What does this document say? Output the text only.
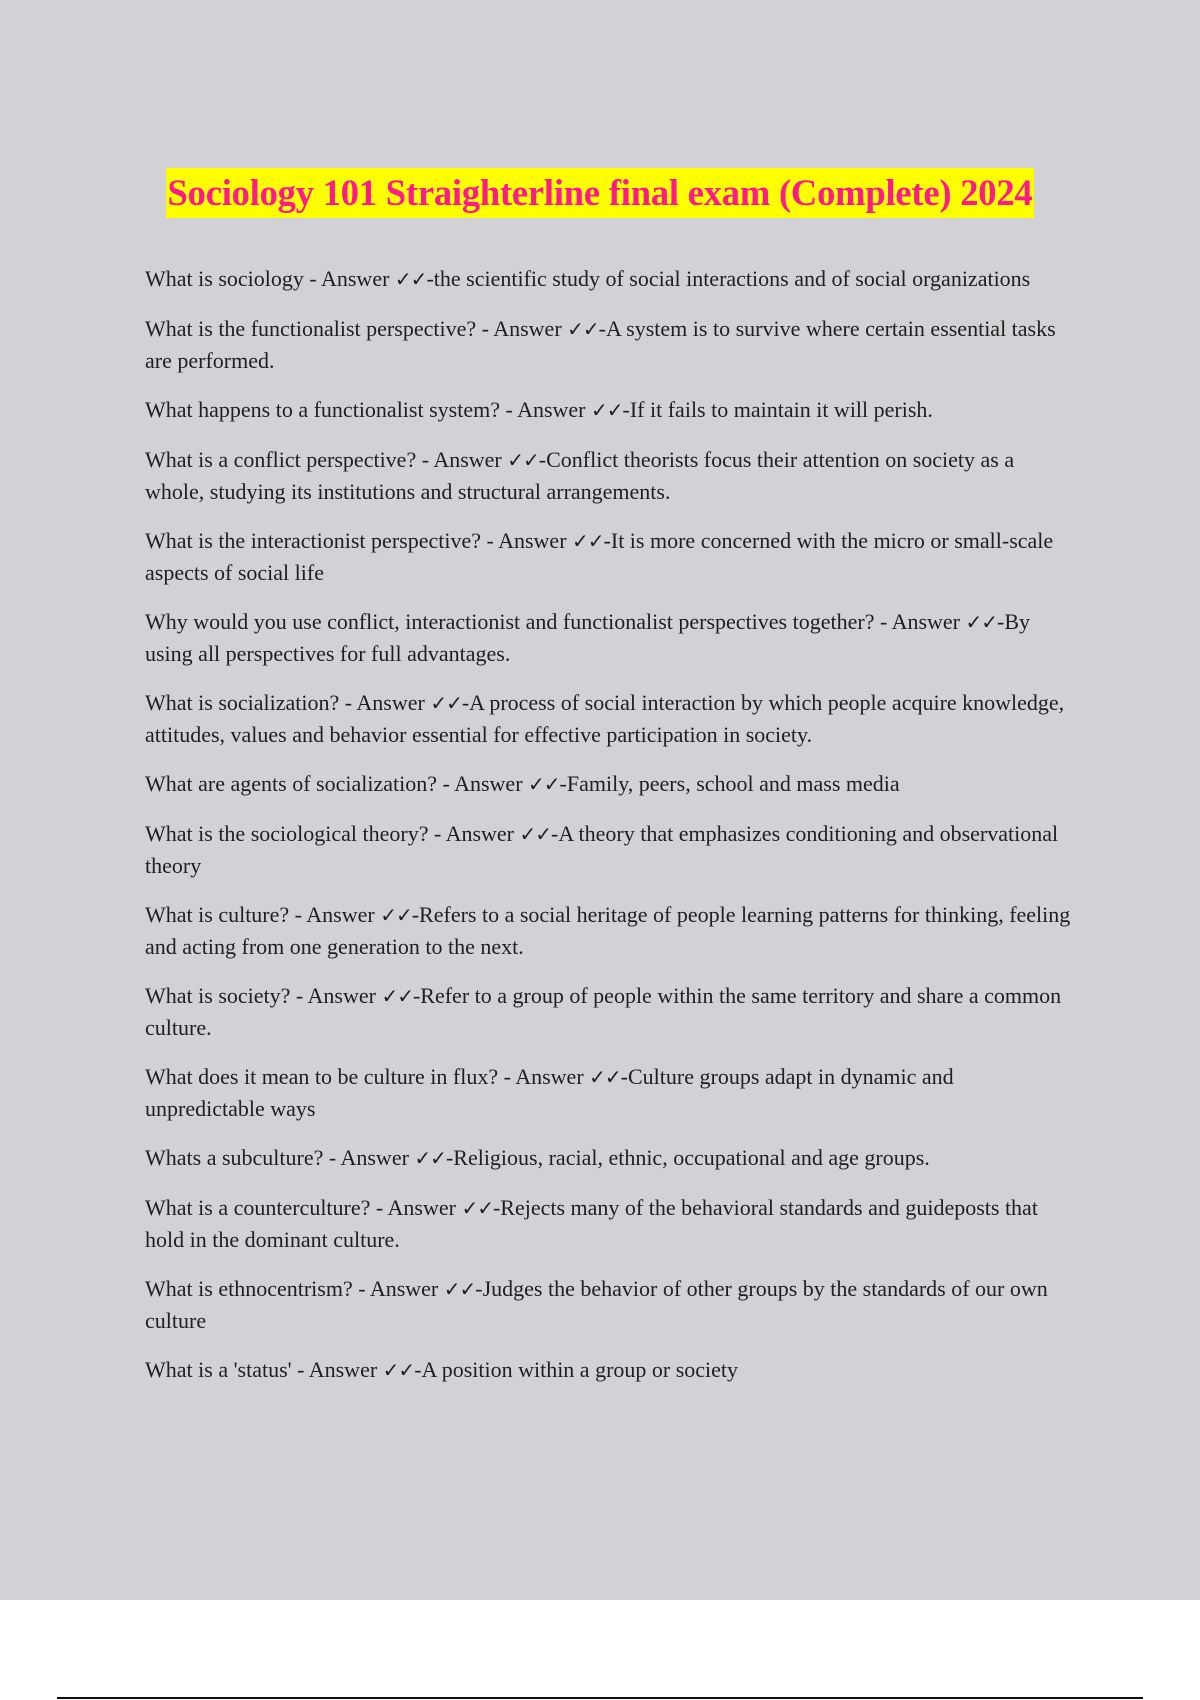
Sociology 101 Straighterline final exam (Complete) 2024
What is sociology - Answer ✓✓-the scientific study of social interactions and of social organizations
What is the functionalist perspective? - Answer ✓✓-A system is to survive where certain essential tasks are performed.
What happens to a functionalist system? - Answer ✓✓-If it fails to maintain it will perish.
What is a conflict perspective? - Answer ✓✓-Conflict theorists focus their attention on society as a whole, studying its institutions and structural arrangements.
What is the interactionist perspective? - Answer ✓✓-It is more concerned with the micro or small-scale aspects of social life
Why would you use conflict, interactionist and functionalist perspectives together? - Answer ✓✓-By using all perspectives for full advantages.
What is socialization? - Answer ✓✓-A process of social interaction by which people acquire knowledge, attitudes, values and behavior essential for effective participation in society.
What are agents of socialization? - Answer ✓✓-Family, peers, school and mass media
What is the sociological theory? - Answer ✓✓-A theory that emphasizes conditioning and observational theory
What is culture? - Answer ✓✓-Refers to a social heritage of people learning patterns for thinking, feeling and acting from one generation to the next.
What is society? - Answer ✓✓-Refer to a group of people within the same territory and share a common culture.
What does it mean to be culture in flux? - Answer ✓✓-Culture groups adapt in dynamic and unpredictable ways
Whats a subculture? - Answer ✓✓-Religious, racial, ethnic, occupational and age groups.
What is a counterculture? - Answer ✓✓-Rejects many of the behavioral standards and guideposts that hold in the dominant culture.
What is ethnocentrism? - Answer ✓✓-Judges the behavior of other groups by the standards of our own culture
What is a 'status' - Answer ✓✓-A position within a group or society
